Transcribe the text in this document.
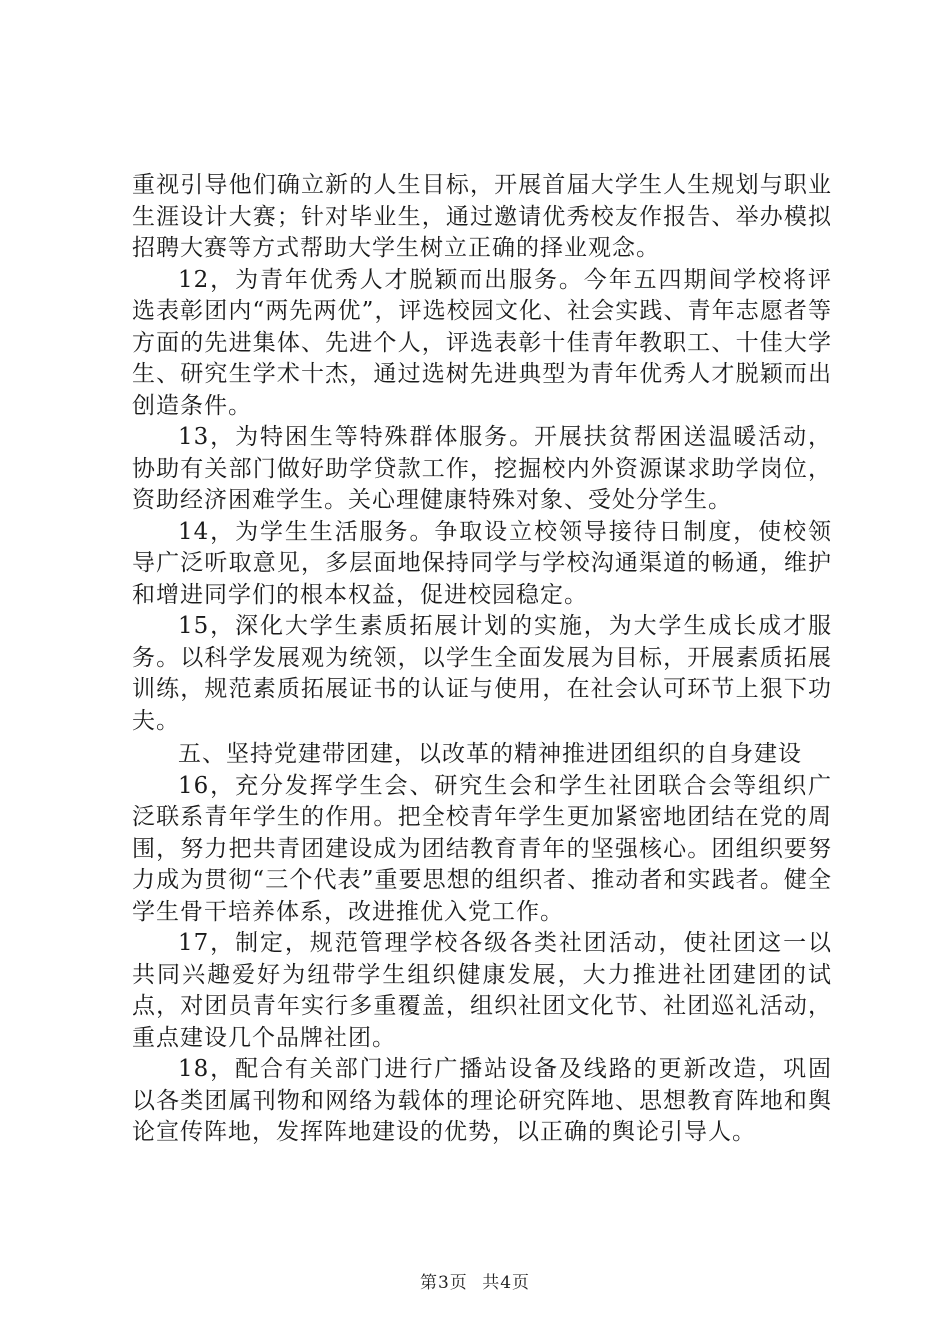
重视引导他们确立新的人生目标，开展首届大学生人生规划与职业生涯设计大赛；针对毕业生，通过邀请优秀校友作报告、举办模拟招聘大赛等方式帮助大学生树立正确的择业观念。

12，为青年优秀人才脱颖而出服务。今年五四期间学校将评选表彰团内“两先两优”，评选校园文化、社会实践、青年志愿者等方面的先进集体、先进个人，评选表彰十佳青年教职工、十佳大学生、研究生学术十杰，通过选树先进典型为青年优秀人才脱颖而出创造条件。

13，为特困生等特殊群体服务。开展扶贫帮困送温暖活动，协助有关部门做好助学贷款工作，挖掘校内外资源谋求助学岗位，资助经济困难学生。关心理健康特殊对象、受处分学生。

14，为学生生活服务。争取设立校领导接待日制度，使校领导广泛听取意见，多层面地保持同学与学校沟通渠道的畅通，维护和增进同学们的根本权益，促进校园稳定。

15，深化大学生素质拓展计划的实施，为大学生成长成才服务。以科学发展观为统领，以学生全面发展为目标，开展素质拓展训练，规范素质拓展证书的认证与使用，在社会认可环节上狠下功夫。

五、坚持党建带团建，以改革的精神推进团组织的自身建设

16，充分发挥学生会、研究生会和学生社团联合会等组织广泛联系青年学生的作用。把全校青年学生更加紧密地团结在党的周围，努力把共青团建设成为团结教育青年的坚强核心。团组织要努力成为贯彻“三个代表”重要思想的组织者、推动者和实践者。健全学生骨干培养体系，改进推优入党工作。

17，制定，规范管理学校各级各类社团活动，使社团这一以共同兴趣爱好为纽带学生组织健康发展，大力推进社团建团的试点，对团员青年实行多重覆盖，组织社团文化节、社团巡礼活动，重点建设几个品牌社团。

18，配合有关部门进行广播站设备及线路的更新改造，巩固以各类团属刊物和网络为载体的理论研究阵地、思想教育阵地和舆论宣传阵地，发挥阵地建设的优势，以正确的舆论引导人。

第3页 共4页
